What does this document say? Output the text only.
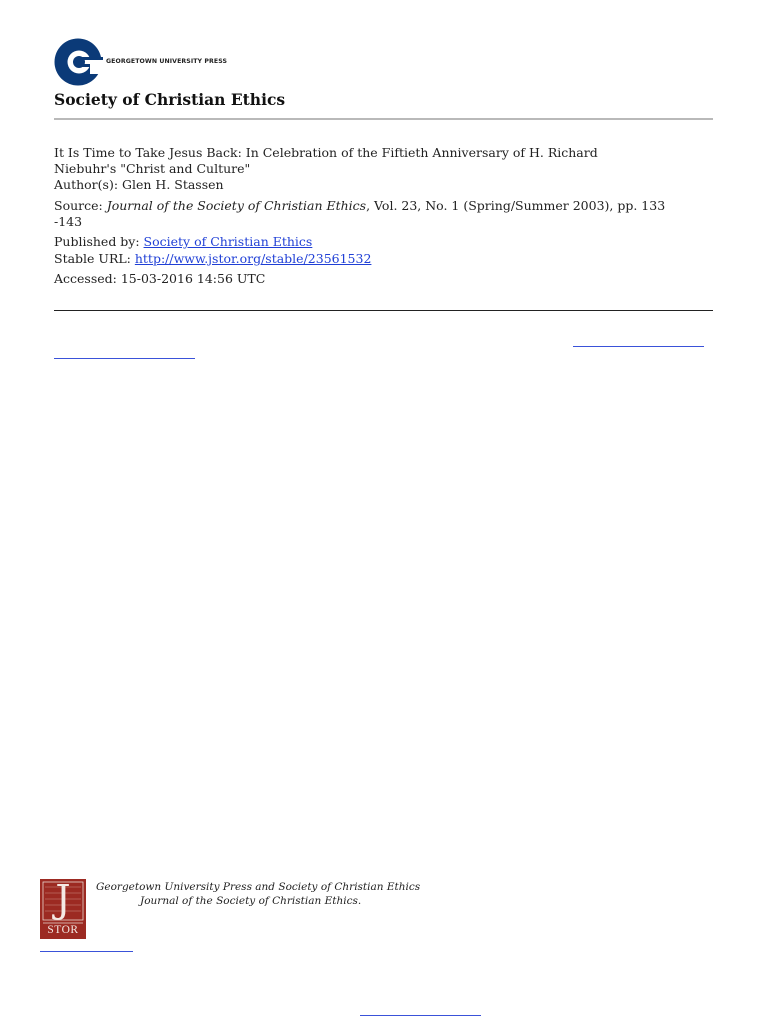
GEORGETOWN UNIVERSITY PRESS
Society of Christian Ethics
It Is Time to Take Jesus Back: In Celebration of the Fiftieth Anniversary of H. Richard
Niebuhr's "Christ and Culture"
Author(s): Glen H. Stassen
Source: Journal of the Society of Christian Ethics, Vol. 23, No. 1 (Spring/Summer 2003), pp. 133
-143
Published by: Society of Christian Ethics
Stable URL: http://www.jstor.org/stable/23561532
Accessed: 15-03-2016 14:56 UTC
J
STOR
Georgetown University Press and Society of Christian Ethics
Journal of the Society of Christian Ethics.
